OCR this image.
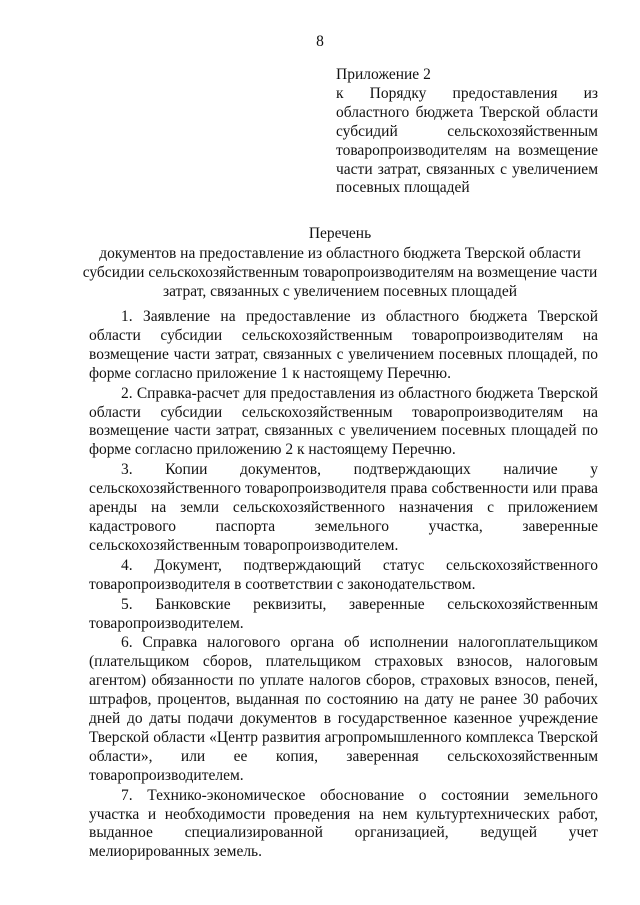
8
Приложение 2

к Порядку предоставления из областного бюджета Тверской области субсидий сельскохозяйственным товаропроизводителям на возмещение части затрат, связанных с увеличением посевных площадей

Перечень

документов на предоставление из областного бюджета Тверской области субсидии сельскохозяйственным товаропроизводителям на возмещение части затрат, связанных с увеличением посевных площадей

1. Заявление на предоставление из областного бюджета Тверской области субсидии сельскохозяйственным товаропроизводителям на возмещение части затрат, связанных с увеличением посевных площадей, по форме согласно приложение 1 к настоящему Перечню.

2. Справка-расчет для предоставления из областного бюджета Тверской области субсидии сельскохозяйственным товаропроизводителям на возмещение части затрат, связанных с увеличением посевных площадей по форме согласно приложению 2 к настоящему Перечню.

3. Копии документов, подтверждающих наличие у сельскохозяйственного товаропроизводителя права собственности или права аренды на земли сельскохозяйственного назначения с приложением кадастрового паспорта земельного участка, заверенные сельскохозяйственным товаропроизводителем.

4. Документ, подтверждающий статус сельскохозяйственного товаропроизводителя в соответствии с законодательством.

5. Банковские реквизиты, заверенные сельскохозяйственным товаропроизводителем.

6. Справка налогового органа об исполнении налогоплательщиком (плательщиком сборов, плательщиком страховых взносов, налоговым агентом) обязанности по уплате налогов сборов, страховых взносов, пеней, штрафов, процентов, выданная по состоянию на дату не ранее 30 рабочих дней до даты подачи документов в государственное казенное учреждение Тверской области «Центр развития агропромышленного комплекса Тверской области», или ее копия, заверенная сельскохозяйственным товаропроизводителем.

7. Технико-экономическое обоснование о состоянии земельного участка и необходимости проведения на нем культуртехнических работ, выданное специализированной организацией, ведущей учет мелиорированных земель.
